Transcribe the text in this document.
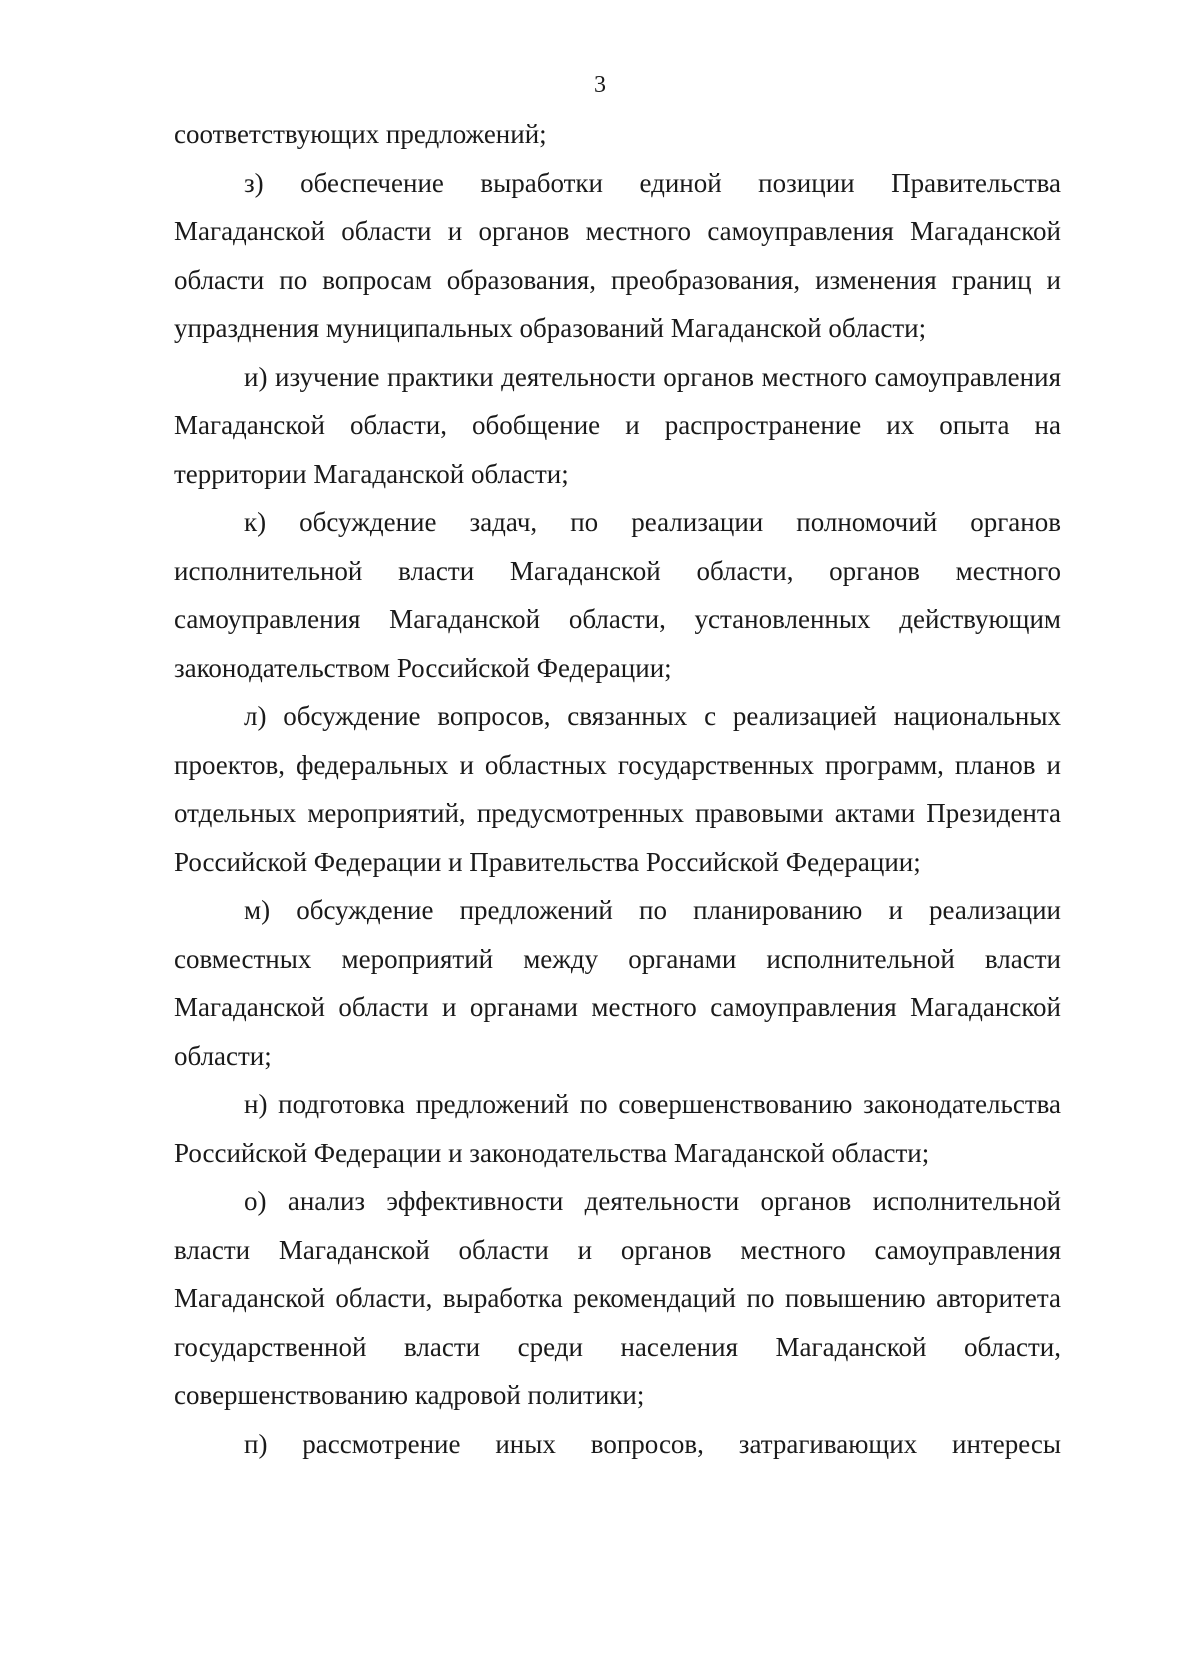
3

соответствующих предложений;

з) обеспечение выработки единой позиции Правительства Магаданской области и органов местного самоуправления Магаданской области по вопросам образования, преобразования, изменения границ и упразднения муниципальных образований Магаданской области;

и) изучение практики деятельности органов местного самоуправления Магаданской области, обобщение и распространение их опыта на территории Магаданской области;

к) обсуждение задач, по реализации полномочий органов исполнительной власти Магаданской области, органов местного самоуправления Магаданской области, установленных действующим законодательством Российской Федерации;

л) обсуждение вопросов, связанных с реализацией национальных проектов, федеральных и областных государственных программ, планов и отдельных мероприятий, предусмотренных правовыми актами Президента Российской Федерации и Правительства Российской Федерации;

м) обсуждение предложений по планированию и реализации совместных мероприятий между органами исполнительной власти Магаданской области и органами местного самоуправления Магаданской области;

н) подготовка предложений по совершенствованию законодательства Российской Федерации и законодательства Магаданской области;

о) анализ эффективности деятельности органов исполнительной власти Магаданской области и органов местного самоуправления Магаданской области, выработка рекомендаций по повышению авторитета государственной власти среди населения Магаданской области, совершенствованию кадровой политики;

п) рассмотрение иных вопросов, затрагивающих интересы
